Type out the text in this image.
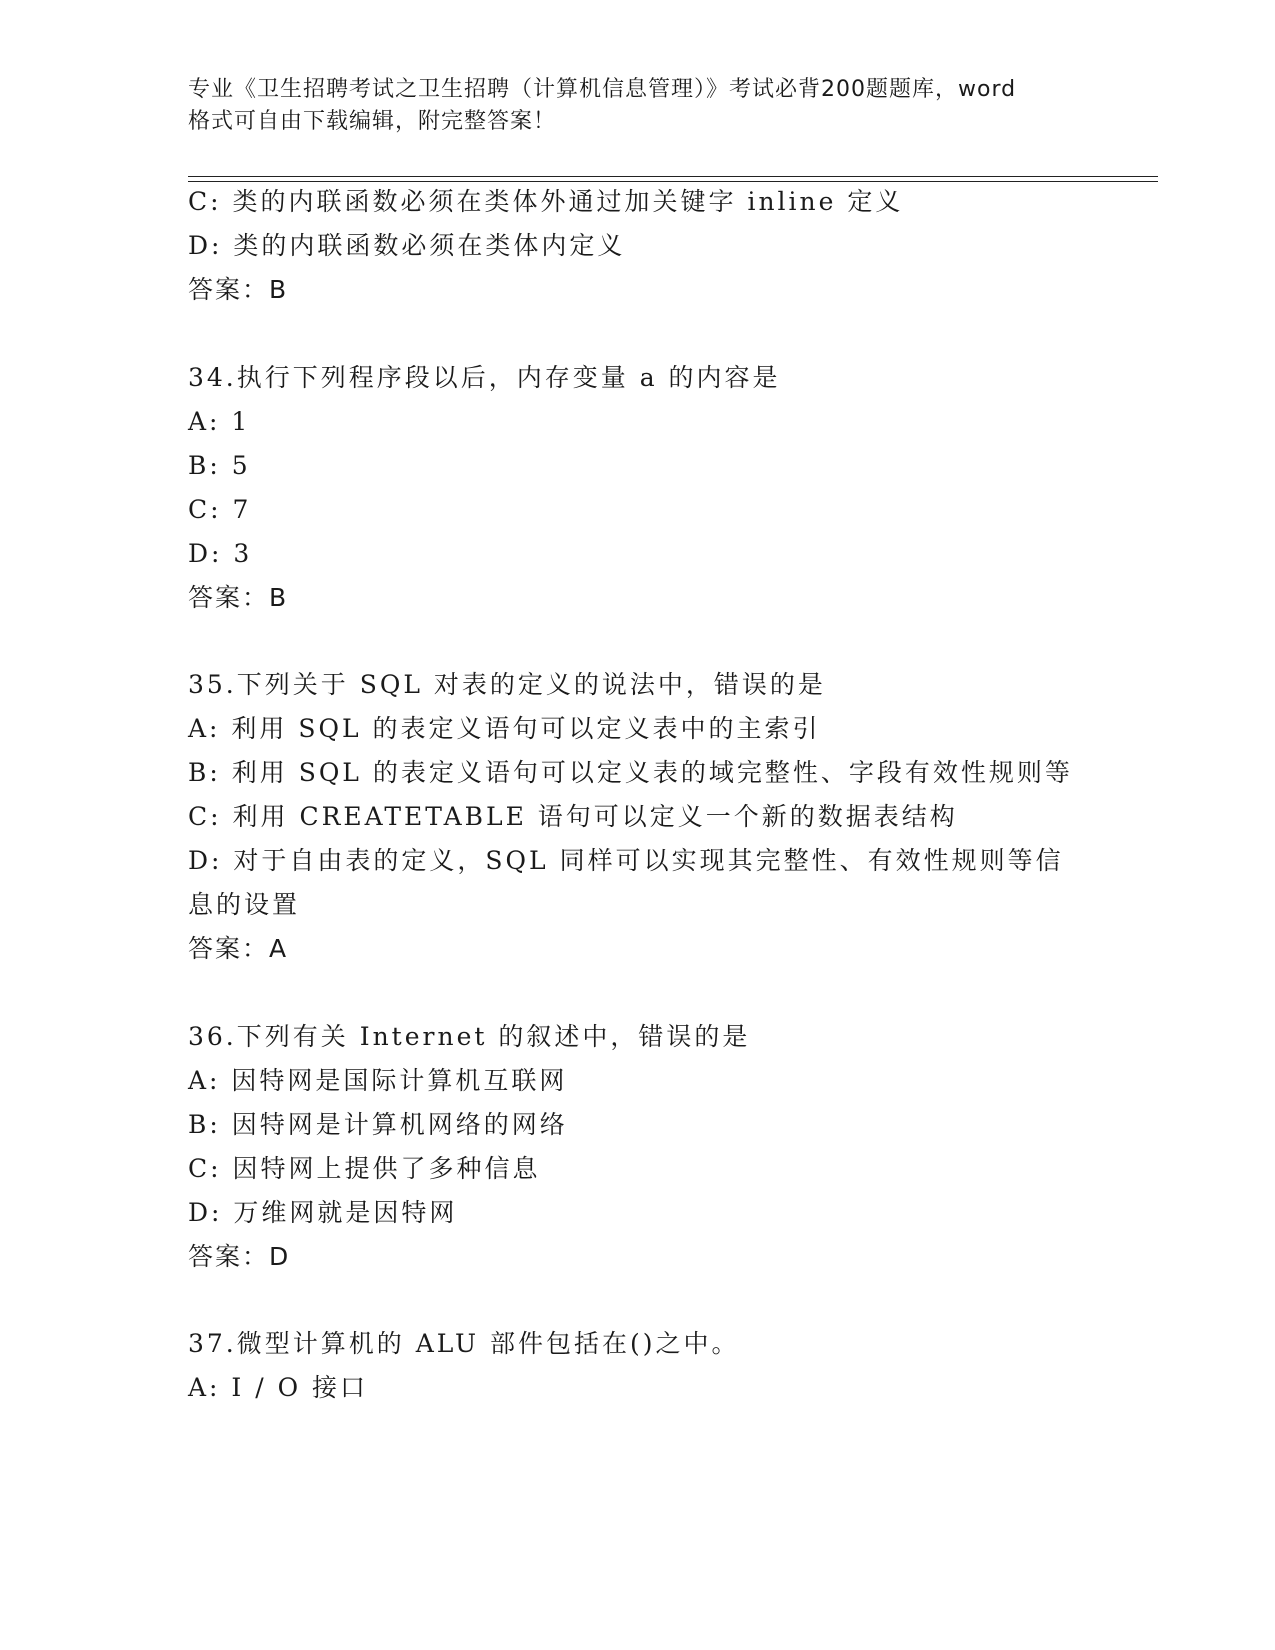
专业《卫生招聘考试之卫生招聘（计算机信息管理）》考试必背200题题库，word
格式可自由下载编辑，附完整答案！
C: 类的内联函数必须在类体外通过加关键字 inline 定义
D: 类的内联函数必须在类体内定义
答案：B
34.执行下列程序段以后，内存变量 a 的内容是
A: 1
B: 5
C: 7
D: 3
答案：B
35.下列关于 SQL 对表的定义的说法中，错误的是
A: 利用 SQL 的表定义语句可以定义表中的主索引
B: 利用 SQL 的表定义语句可以定义表的域完整性、字段有效性规则等
C: 利用 CREATETABLE 语句可以定义一个新的数据表结构
D: 对于自由表的定义，SQL 同样可以实现其完整性、有效性规则等信
息的设置
答案：A
36.下列有关 Internet 的叙述中，错误的是
A: 因特网是国际计算机互联网
B: 因特网是计算机网络的网络
C: 因特网上提供了多种信息
D: 万维网就是因特网
答案：D
37.微型计算机的 ALU 部件包括在()之中。
A: I / O 接口
